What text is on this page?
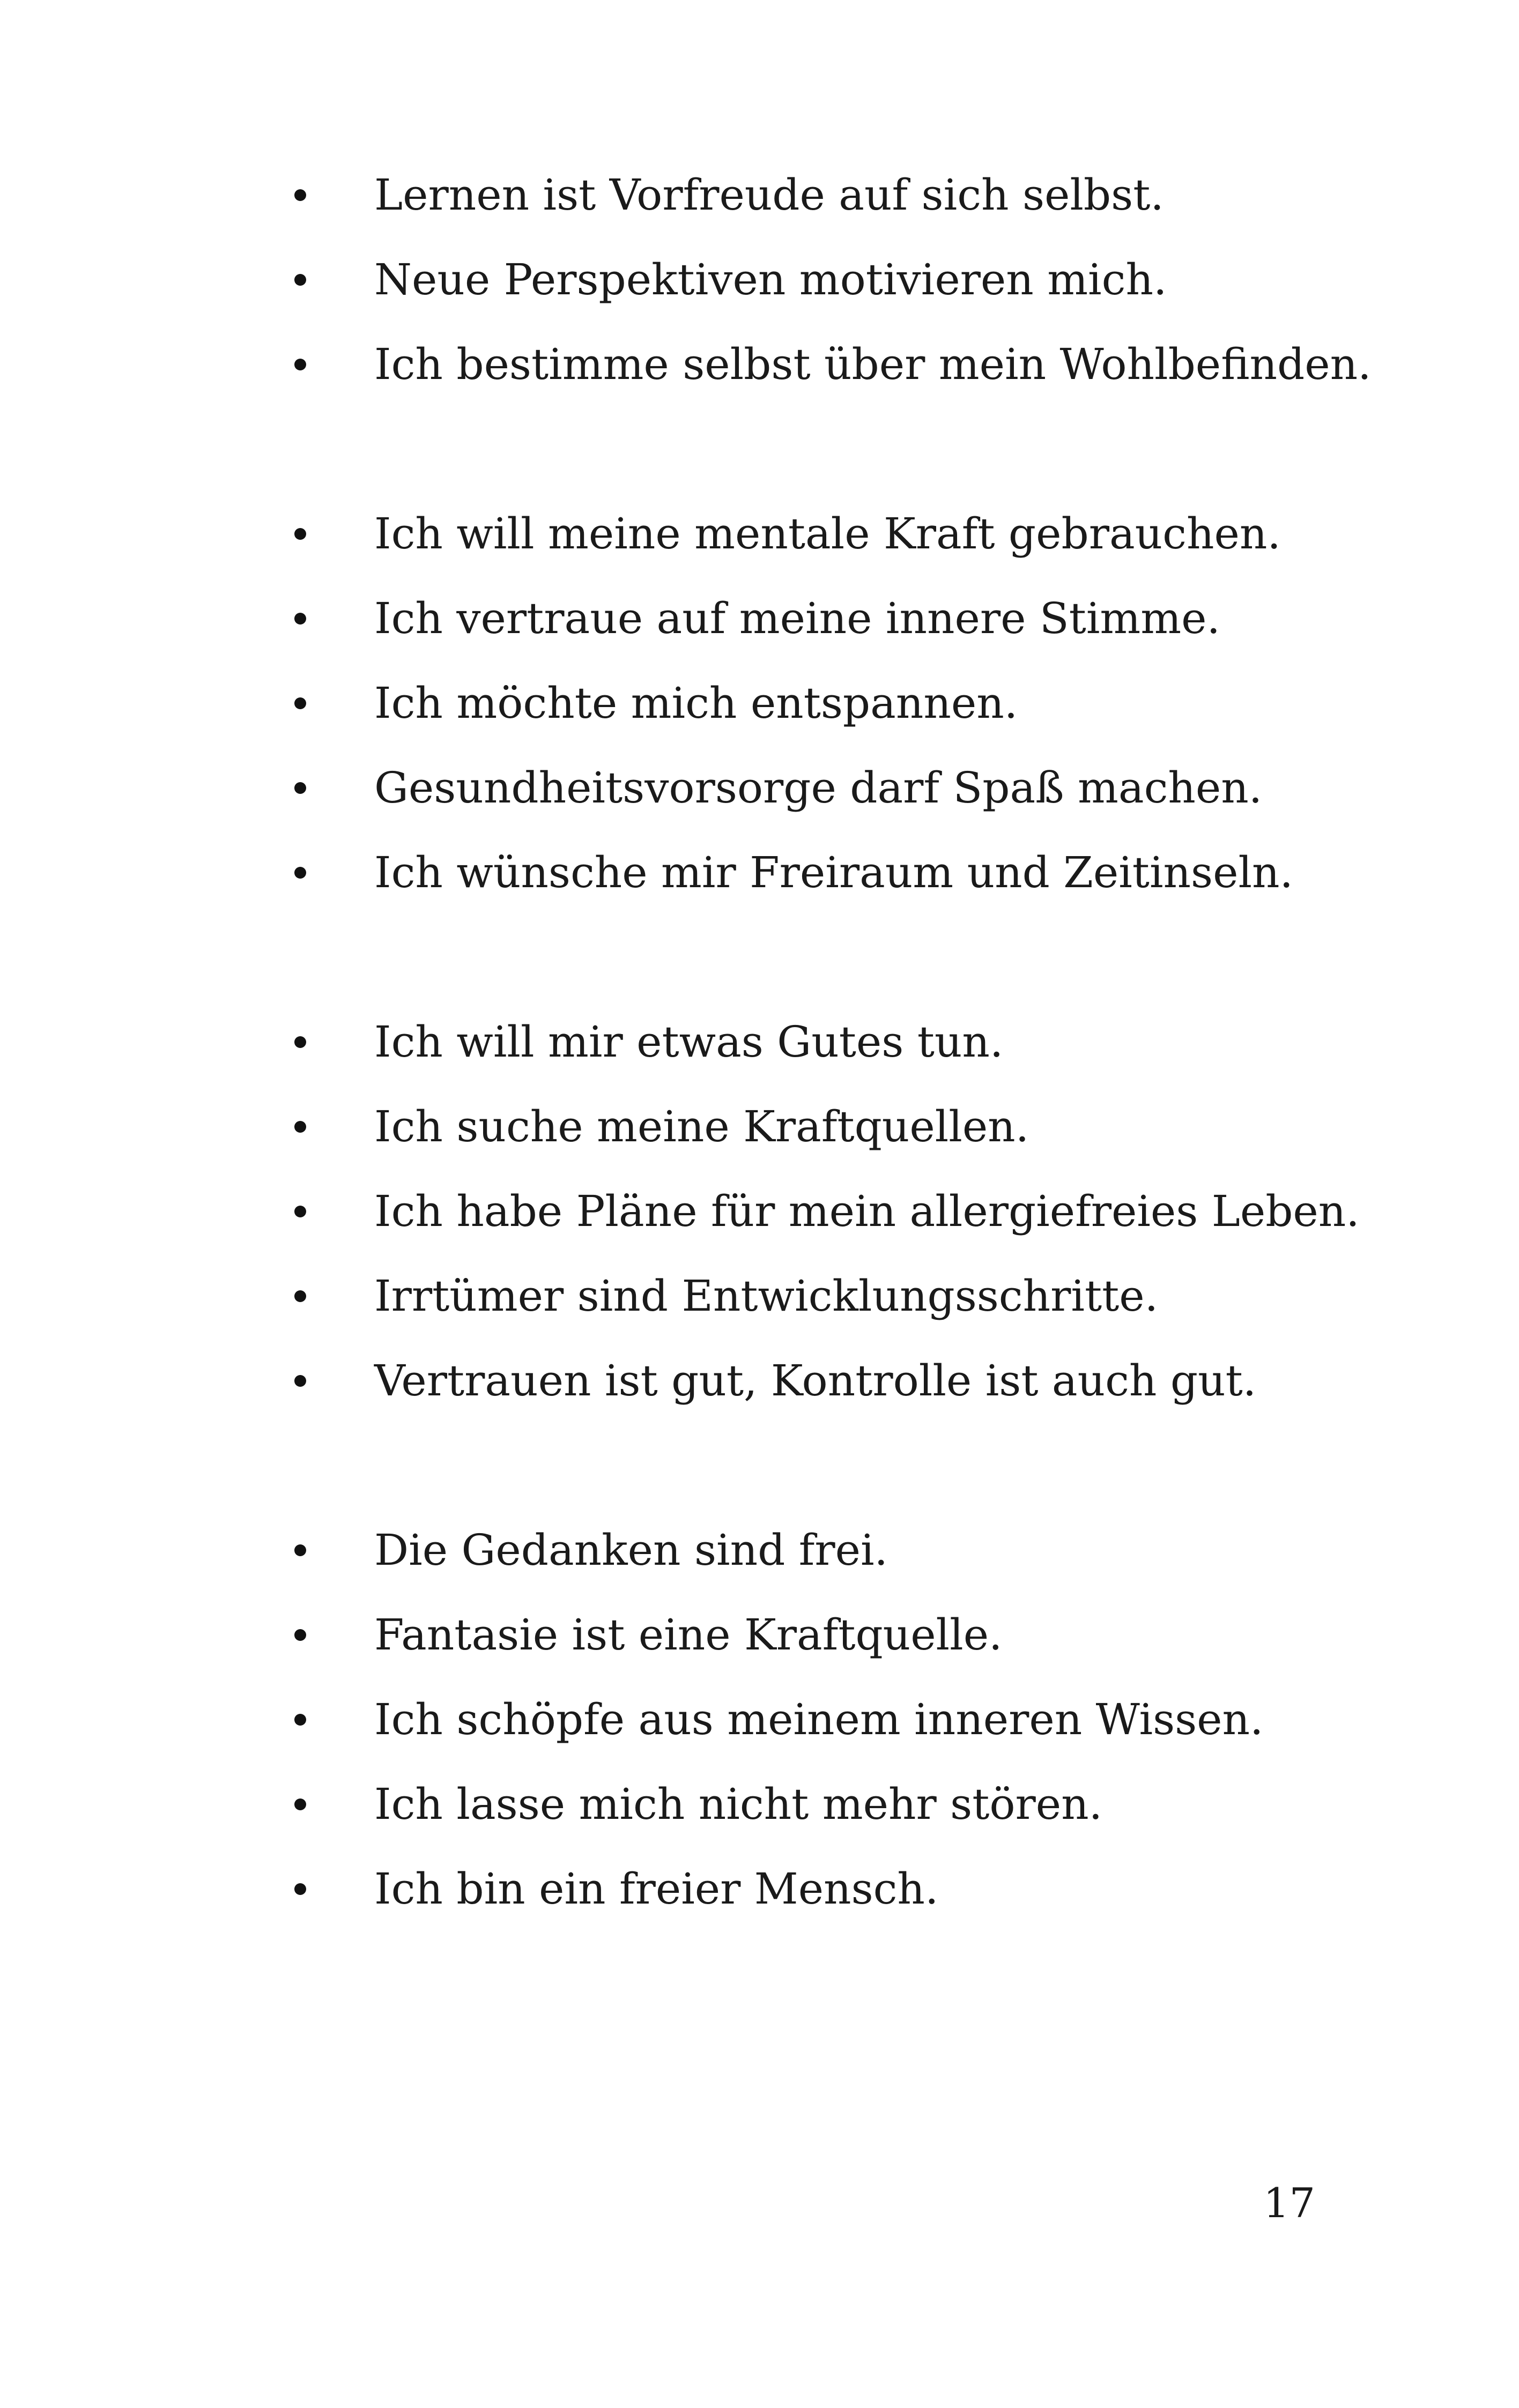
Lernen ist Vorfreude auf sich selbst.
Neue Perspektiven motivieren mich.
Ich bestimme selbst über mein Wohlbefinden.
Ich will meine mentale Kraft gebrauchen.
Ich vertraue auf meine innere Stimme.
Ich möchte mich entspannen.
Gesundheitsvorsorge darf Spaß machen.
Ich wünsche mir Freiraum und Zeitinseln.
Ich will mir etwas Gutes tun.
Ich suche meine Kraftquellen.
Ich habe Pläne für mein allergiefreies Leben.
Irrtümer sind Entwicklungsschritte.
Vertrauen ist gut, Kontrolle ist auch gut.
Die Gedanken sind frei.
Fantasie ist eine Kraftquelle.
Ich schöpfe aus meinem inneren Wissen.
Ich lasse mich nicht mehr stören.
Ich bin ein freier Mensch.
17
